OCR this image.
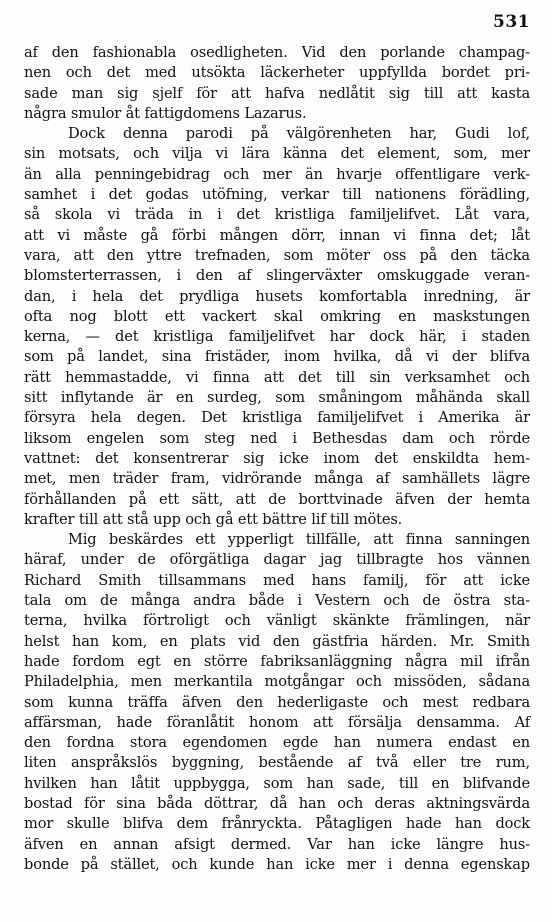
531
af den fashionabla osedligheten. Vid den porlande champag-
nen och det med utsökta läckerheter uppfyllda bordet pri-
sade man sig sjelf för att hafva nedlåtit sig till att kasta
några smulor åt fattigdomens Lazarus.
Dock denna parodi på välgörenheten har, Gudi lof,
sin motsats, och vilja vi lära känna det element, som, mer
än alla penningebidrag och mer än hvarje offentligare verk-
samhet i det godas utöfning, verkar till nationens förädling,
så skola vi träda in i det kristliga familjelifvet. Låt vara,
att vi måste gå förbi mången dörr, innan vi finna det; låt
vara, att den yttre trefnaden, som möter oss på den täcka
blomsterterrassen, i den af slingerväxter omskuggade veran-
dan, i hela det prydliga husets komfortabla inredning, är
ofta nog blott ett vackert skal omkring en maskstungen
kerna, — det kristliga familjelifvet har dock här, i staden
som på landet, sina fristäder, inom hvilka, då vi der blifva
rätt hemmastadde, vi finna att det till sin verksamhet och
sitt inflytande är en surdeg, som småningom måhända skall
försyra hela degen. Det kristliga familjelifvet i Amerika är
liksom engelen som steg ned i Bethesdas dam och rörde
vattnet: det konsentrerar sig icke inom det enskildta hem-
met, men träder fram, vidrörande många af samhällets lägre
förhållanden på ett sätt, att de borttvinade äfven der hemta
krafter till att stå upp och gå ett bättre lif till mötes.
Mig beskärdes ett ypperligt tillfälle, att finna sanningen
häraf, under de oförgätliga dagar jag tillbragte hos vännen
Richard Smith tillsammans med hans familj, för att icke
tala om de många andra både i Vestern och de östra sta-
terna, hvilka förtroligt och vänligt skänkte främlingen, när
helst han kom, en plats vid den gästfria härden. Mr. Smith
hade fordom egt en större fabriksanläggning några mil ifrån
Philadelphia, men merkantila motgångar och missöden, sådana
som kunna träffa äfven den hederligaste och mest redbara
affärsman, hade föranlåtit honom att försälja densamma. Af
den fordna stora egendomen egde han numera endast en
liten anspråkslös byggning, bestående af två eller tre rum,
hvilken han låtit uppbygga, som han sade, till en blifvande
bostad för sina båda döttrar, då han och deras aktningsvärda
mor skulle blifva dem frånryckta. Påtagligen hade han dock
äfven en annan afsigt dermed. Var han icke längre hus-
bonde på stället, och kunde han icke mer i denna egenskap
